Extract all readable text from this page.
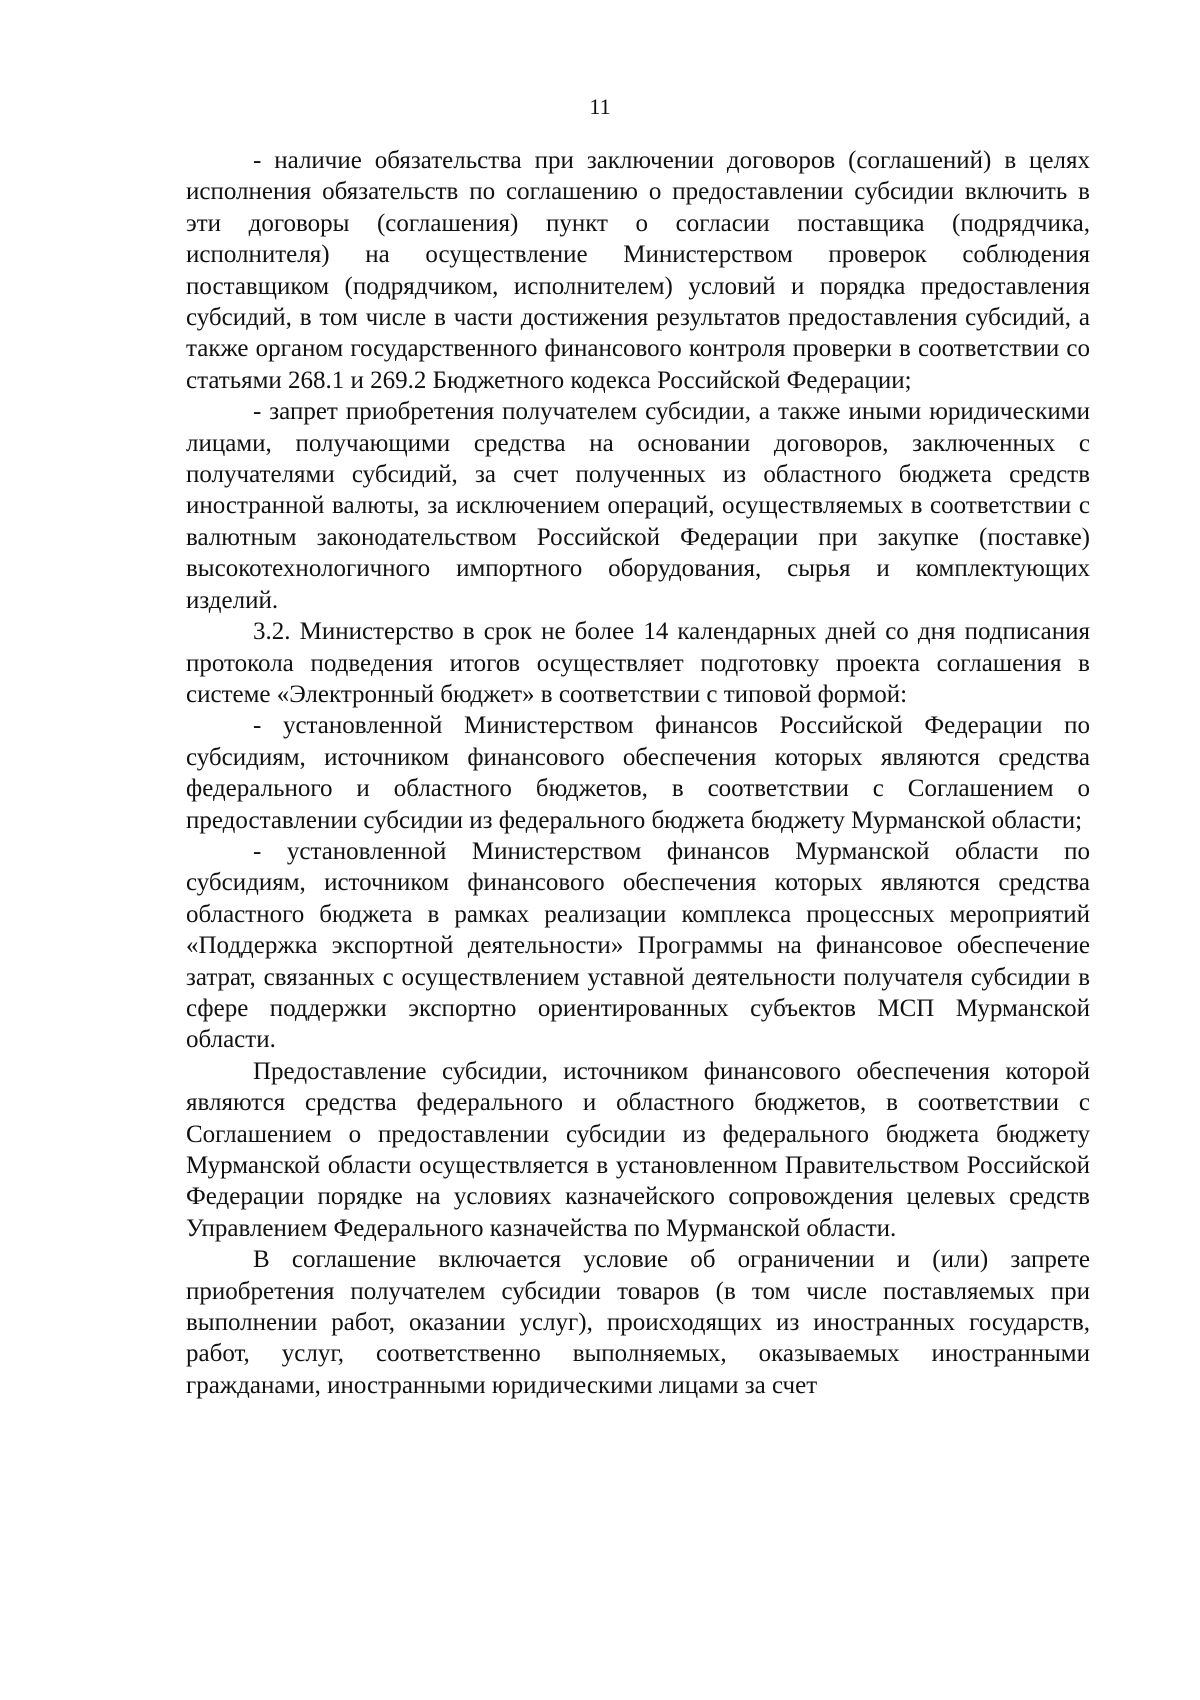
11

- наличие обязательства при заключении договоров (соглашений) в целях исполнения обязательств по соглашению о предоставлении субсидии включить в эти договоры (соглашения) пункт о согласии поставщика (подрядчика, исполнителя) на осуществление Министерством проверок соблюдения поставщиком (подрядчиком, исполнителем) условий и порядка предоставления субсидий, в том числе в части достижения результатов предоставления субсидий, а также органом государственного финансового контроля проверки в соответствии со статьями 268.1 и 269.2 Бюджетного кодекса Российской Федерации;

- запрет приобретения получателем субсидии, а также иными юридическими лицами, получающими средства на основании договоров, заключенных с получателями субсидий, за счет полученных из областного бюджета средств иностранной валюты, за исключением операций, осуществляемых в соответствии с валютным законодательством Российской Федерации при закупке (поставке) высокотехнологичного импортного оборудования, сырья и комплектующих изделий.

3.2. Министерство в срок не более 14 календарных дней со дня подписания протокола подведения итогов осуществляет подготовку проекта соглашения в системе «Электронный бюджет» в соответствии с типовой формой:

- установленной Министерством финансов Российской Федерации по субсидиям, источником финансового обеспечения которых являются средства федерального и областного бюджетов, в соответствии с Соглашением о предоставлении субсидии из федерального бюджета бюджету Мурманской области;

- установленной Министерством финансов Мурманской области по субсидиям, источником финансового обеспечения которых являются средства областного бюджета в рамках реализации комплекса процессных мероприятий «Поддержка экспортной деятельности» Программы на финансовое обеспечение затрат, связанных с осуществлением уставной деятельности получателя субсидии в сфере поддержки экспортно ориентированных субъектов МСП Мурманской области.

Предоставление субсидии, источником финансового обеспечения которой являются средства федерального и областного бюджетов, в соответствии с Соглашением о предоставлении субсидии из федерального бюджета бюджету Мурманской области осуществляется в установленном Правительством Российской Федерации порядке на условиях казначейского сопровождения целевых средств Управлением Федерального казначейства по Мурманской области.

В соглашение включается условие об ограничении и (или) запрете приобретения получателем субсидии товаров (в том числе поставляемых при выполнении работ, оказании услуг), происходящих из иностранных государств, работ, услуг, соответственно выполняемых, оказываемых иностранными гражданами, иностранными юридическими лицами за счет
